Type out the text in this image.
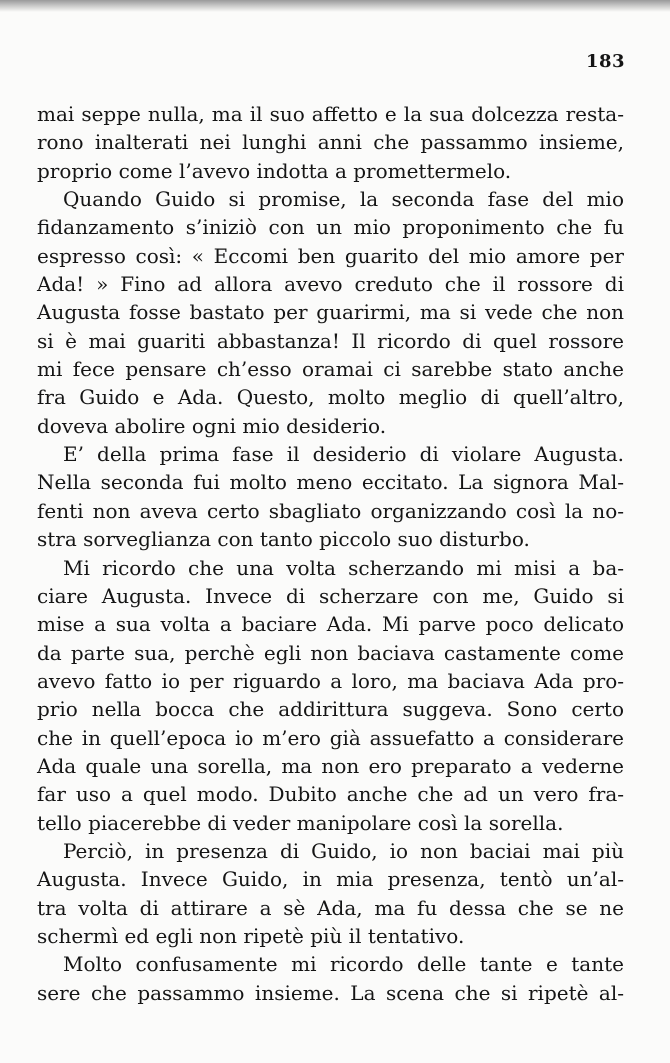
183
mai seppe nulla, ma il suo affetto e la sua dolcezza resta-
rono inalterati nei lunghi anni che passammo insieme,
proprio come l’avevo indotta a promettermelo.
Quando Guido si promise, la seconda fase del mio
fidanzamento s’iniziò con un mio proponimento che fu
espresso così: « Eccomi ben guarito del mio amore per
Ada! » Fino ad allora avevo creduto che il rossore di
Augusta fosse bastato per guarirmi, ma si vede che non
si è mai guariti abbastanza! Il ricordo di quel rossore
mi fece pensare ch’esso oramai ci sarebbe stato anche
fra Guido e Ada. Questo, molto meglio di quell’altro,
doveva abolire ogni mio desiderio.
E’ della prima fase il desiderio di violare Augusta.
Nella seconda fui molto meno eccitato. La signora Mal-
fenti non aveva certo sbagliato organizzando così la no-
stra sorveglianza con tanto piccolo suo disturbo.
Mi ricordo che una volta scherzando mi misi a ba-
ciare Augusta. Invece di scherzare con me, Guido si
mise a sua volta a baciare Ada. Mi parve poco delicato
da parte sua, perchè egli non baciava castamente come
avevo fatto io per riguardo a loro, ma baciava Ada pro-
prio nella bocca che addirittura suggeva. Sono certo
che in quell’epoca io m’ero già assuefatto a considerare
Ada quale una sorella, ma non ero preparato a vederne
far uso a quel modo. Dubito anche che ad un vero fra-
tello piacerebbe di veder manipolare così la sorella.
Perciò, in presenza di Guido, io non baciai mai più
Augusta. Invece Guido, in mia presenza, tentò un’al-
tra volta di attirare a sè Ada, ma fu dessa che se ne
schermì ed egli non ripetè più il tentativo.
Molto confusamente mi ricordo delle tante e tante
sere che passammo insieme. La scena che si ripetè al-
